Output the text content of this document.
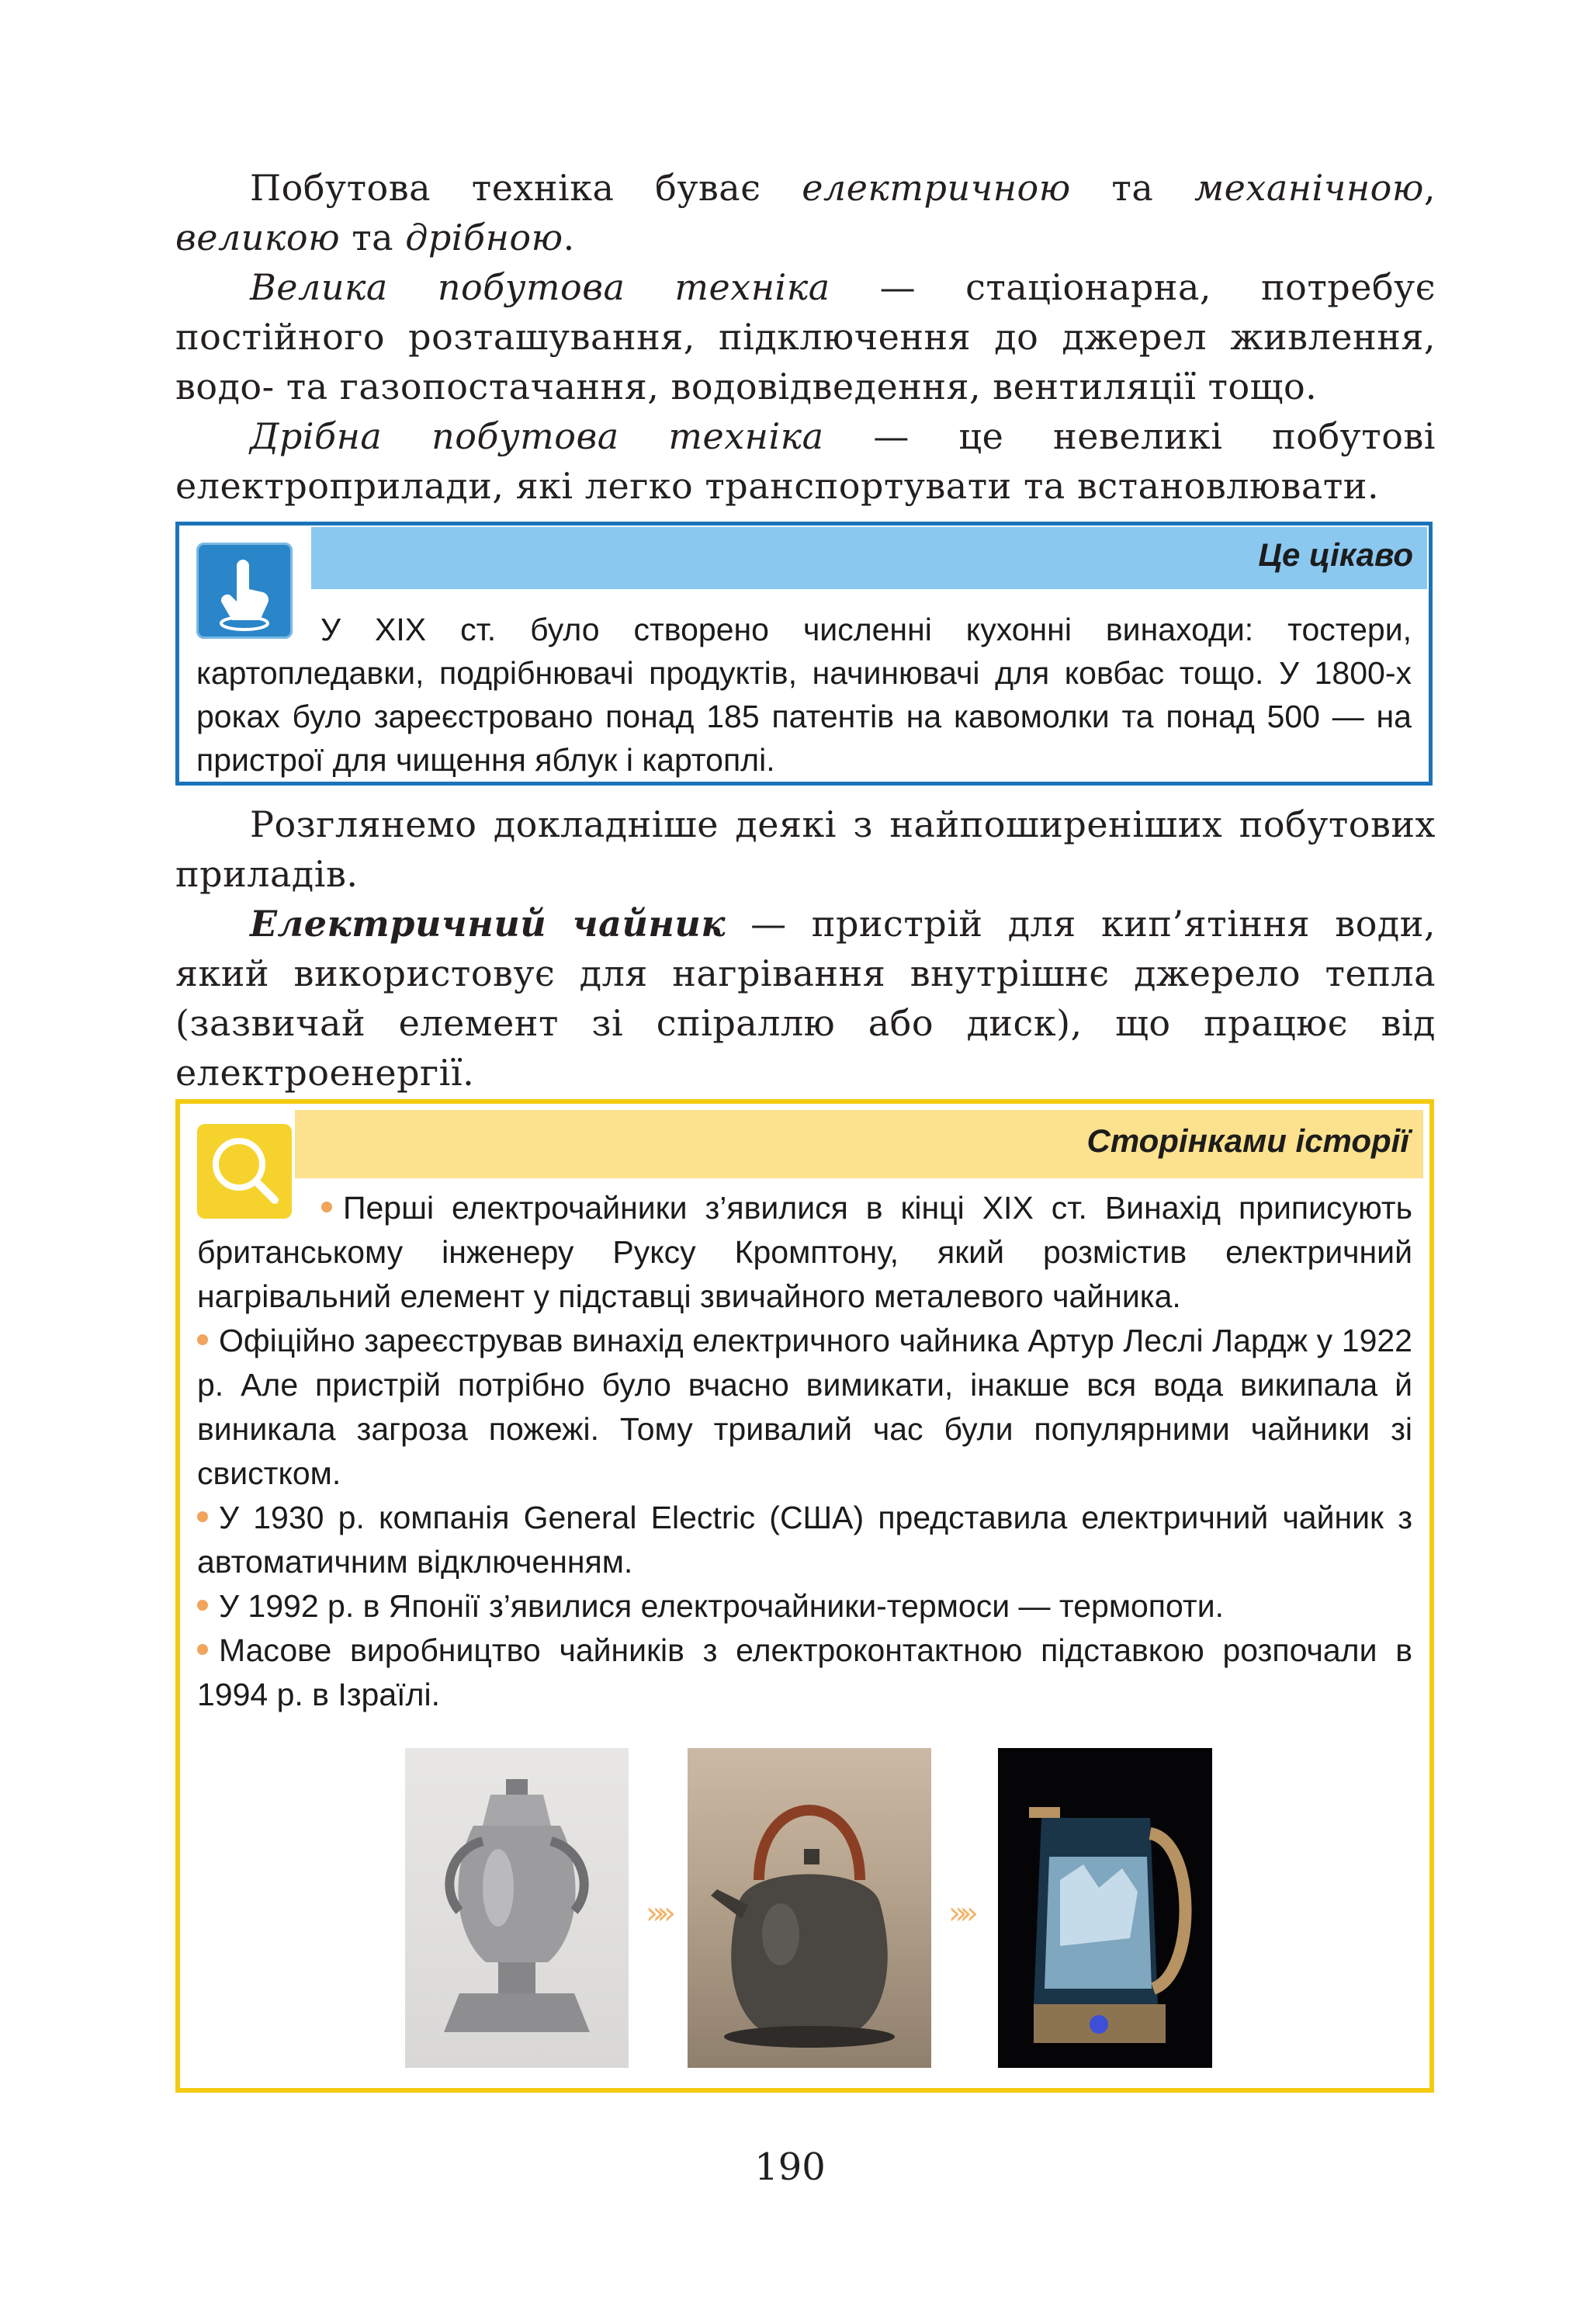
Побутова техніка буває електричною та механічною, великою та дрібною.

Велика побутова техніка — стаціонарна, потребує постійного розташування, підключення до джерел живлення, водо- та газопостачання, водовідведення, вентиляції тощо.

Дрібна побутова техніка — це невеликі побутові електроприлади, які легко транспортувати та встановлювати.

Це цікаво
У XIX ст. було створено численні кухонні винаходи: тостери, картопледавки, подрібнювачі продуктів, начинювачі для ковбас тощо. У 1800-х роках було зареєстровано понад 185 патентів на кавомолки та понад 500 — на пристрої для чищення яблук і картоплі.

Розглянемо докладніше деякі з найпоширеніших побутових приладів.

Електричний чайник — пристрій для кип’ятіння води, який використовує для нагрівання внутрішнє джерело тепла (зазвичай елемент зі спіраллю або диск), що працює від електроенергії.

Сторінками історії

Перші електрочайники з’явилися в кінці XIX ст. Винахід приписують британському інженеру Руксу Кромптону, який розмістив електричний нагрівальний елемент у підставці звичайного металевого чайника.

Офіційно зареєстрував винахід електричного чайника Артур Леслі Лардж у 1922 р. Але пристрій потрібно було вчасно вимикати, інакше вся вода википала й виникала загроза пожежі. Тому тривалий час були популярними чайники зі свистком.

У 1930 р. компанія General Electric (США) представила електричний чайник з автоматичним відключенням.

У 1992 р. в Японії з’явилися електрочайники-термоси — термопоти.

Масове виробництво чайників з електроконтактною підставкою розпочали в 1994 р. в Ізраїлі.

»»	»»
190
